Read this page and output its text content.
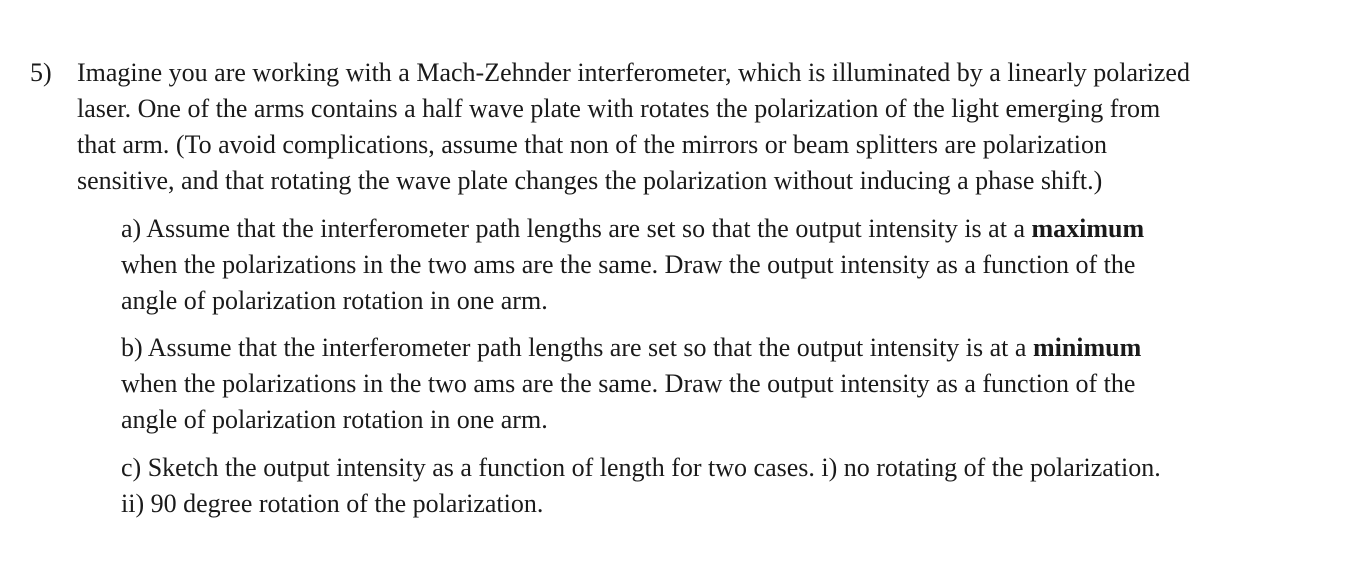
5) Imagine you are working with a Mach-Zehnder interferometer, which is illuminated by a linearly polarized
laser. One of the arms contains a half wave plate with rotates the polarization of the light emerging from
that arm. (To avoid complications, assume that non of the mirrors or beam splitters are polarization
sensitive, and that rotating the wave plate changes the polarization without inducing a phase shift.)
a) Assume that the interferometer path lengths are set so that the output intensity is at a maximum
when the polarizations in the two ams are the same. Draw the output intensity as a function of the
angle of polarization rotation in one arm.
b) Assume that the interferometer path lengths are set so that the output intensity is at a minimum
when the polarizations in the two ams are the same. Draw the output intensity as a function of the
angle of polarization rotation in one arm.
c) Sketch the output intensity as a function of length for two cases. i) no rotating of the polarization.
ii) 90 degree rotation of the polarization.
